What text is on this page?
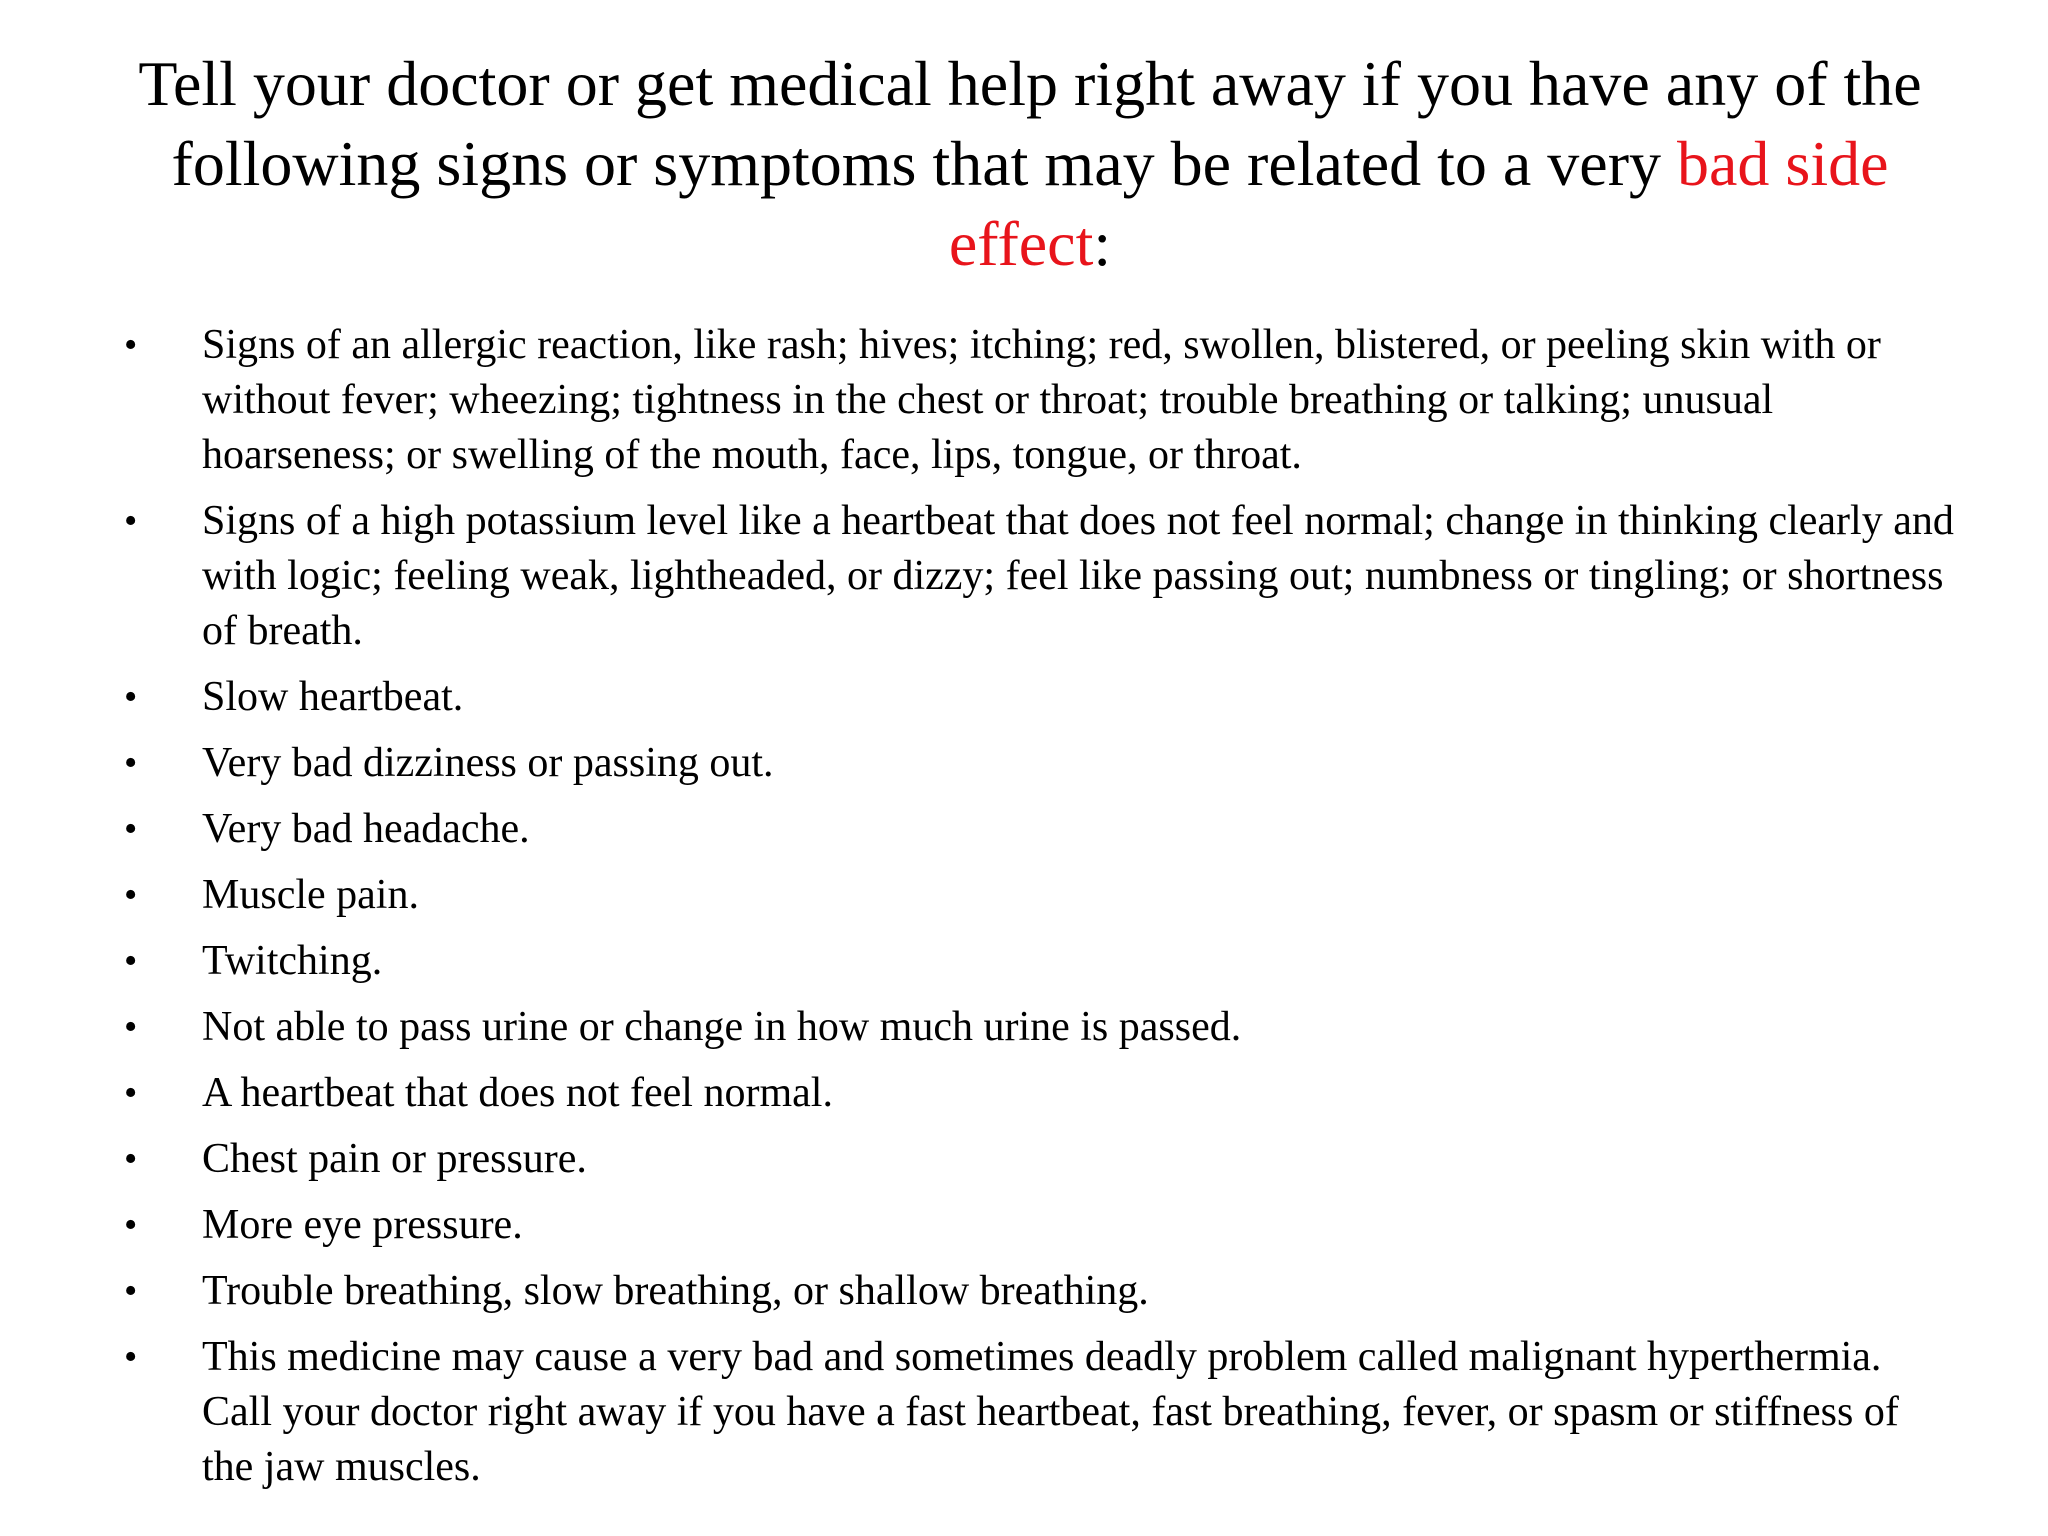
Tell your doctor or get medical help right away if you have any of the following signs or symptoms that may be related to a very bad side effect:
• Signs of an allergic reaction, like rash; hives; itching; red, swollen, blistered, or peeling skin with or without fever; wheezing; tightness in the chest or throat; trouble breathing or talking; unusual hoarseness; or swelling of the mouth, face, lips, tongue, or throat.
• Signs of a high potassium level like a heartbeat that does not feel normal; change in thinking clearly and with logic; feeling weak, lightheaded, or dizzy; feel like passing out; numbness or tingling; or shortness of breath.
• Slow heartbeat.
• Very bad dizziness or passing out.
• Very bad headache.
• Muscle pain.
• Twitching.
• Not able to pass urine or change in how much urine is passed.
• A heartbeat that does not feel normal.
• Chest pain or pressure.
• More eye pressure.
• Trouble breathing, slow breathing, or shallow breathing.
• This medicine may cause a very bad and sometimes deadly problem called malignant hyperthermia. Call your doctor right away if you have a fast heartbeat, fast breathing, fever, or spasm or stiffness of the jaw muscles.
